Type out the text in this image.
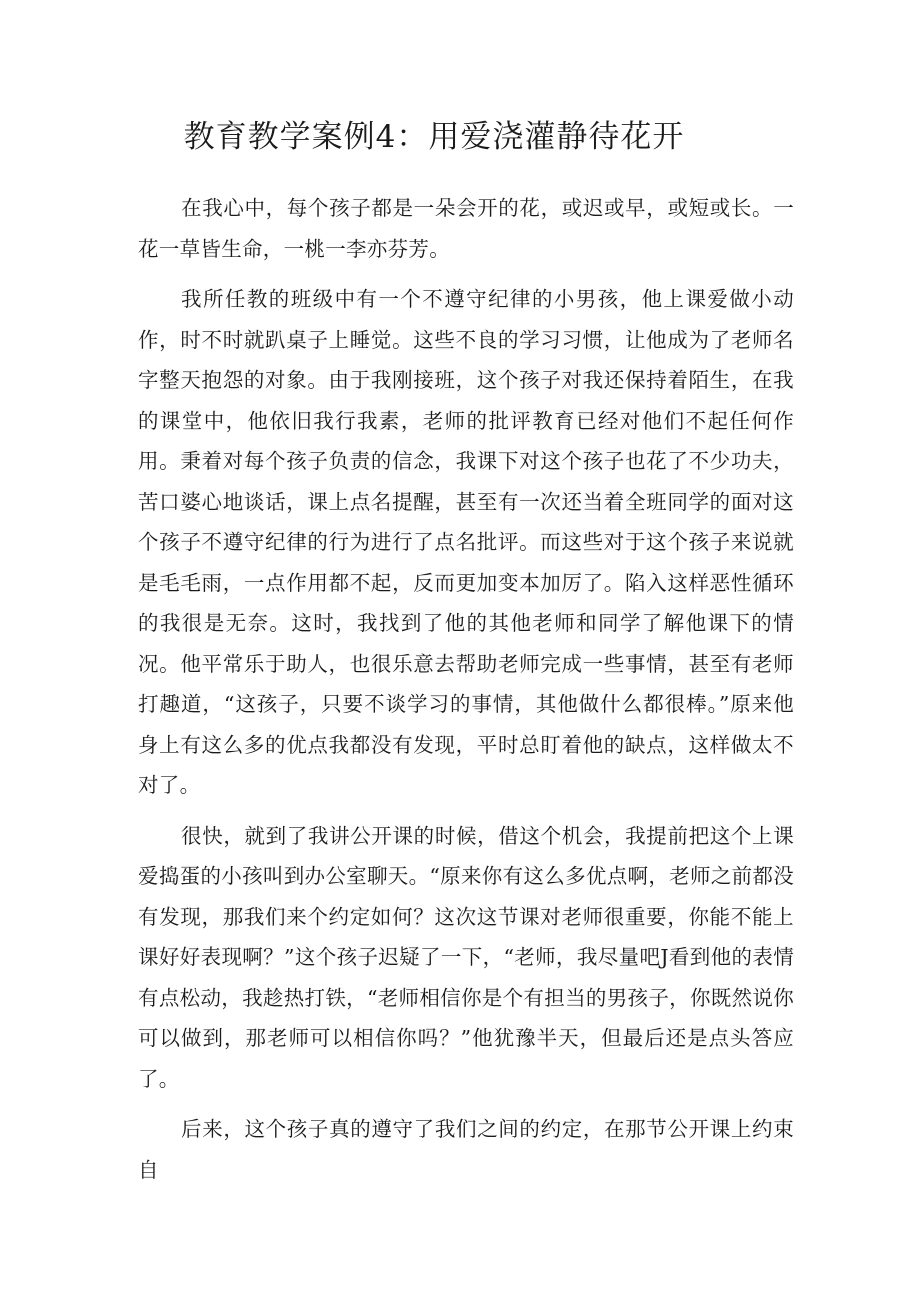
教育教学案例4：用爱浇灌静待花开

在我心中，每个孩子都是一朵会开的花，或迟或早，或短或长。一花一草皆生命，一桃一李亦芬芳。

我所任教的班级中有一个不遵守纪律的小男孩，他上课爱做小动作，时不时就趴桌子上睡觉。这些不良的学习习惯，让他成为了老师名字整天抱怨的对象。由于我刚接班，这个孩子对我还保持着陌生，在我的课堂中，他依旧我行我素，老师的批评教育已经对他们不起任何作用。秉着对每个孩子负责的信念，我课下对这个孩子也花了不少功夫，苦口婆心地谈话，课上点名提醒，甚至有一次还当着全班同学的面对这个孩子不遵守纪律的行为进行了点名批评。而这些对于这个孩子来说就是毛毛雨，一点作用都不起，反而更加变本加厉了。陷入这样恶性循环的我很是无奈。这时，我找到了他的其他老师和同学了解他课下的情况。他平常乐于助人，也很乐意去帮助老师完成一些事情，甚至有老师打趣道，“这孩子，只要不谈学习的事情，其他做什么都很棒。”原来他身上有这么多的优点我都没有发现，平时总盯着他的缺点，这样做太不对了。

很快，就到了我讲公开课的时候，借这个机会，我提前把这个上课爱捣蛋的小孩叫到办公室聊天。“原来你有这么多优点啊，老师之前都没有发现，那我们来个约定如何？这次这节课对老师很重要，你能不能上课好好表现啊？”这个孩子迟疑了一下，“老师，我尽量吧J看到他的表情有点松动，我趁热打铁，“老师相信你是个有担当的男孩子，你既然说你可以做到，那老师可以相信你吗？”他犹豫半天，但最后还是点头答应了。

后来，这个孩子真的遵守了我们之间的约定，在那节公开课上约束自
